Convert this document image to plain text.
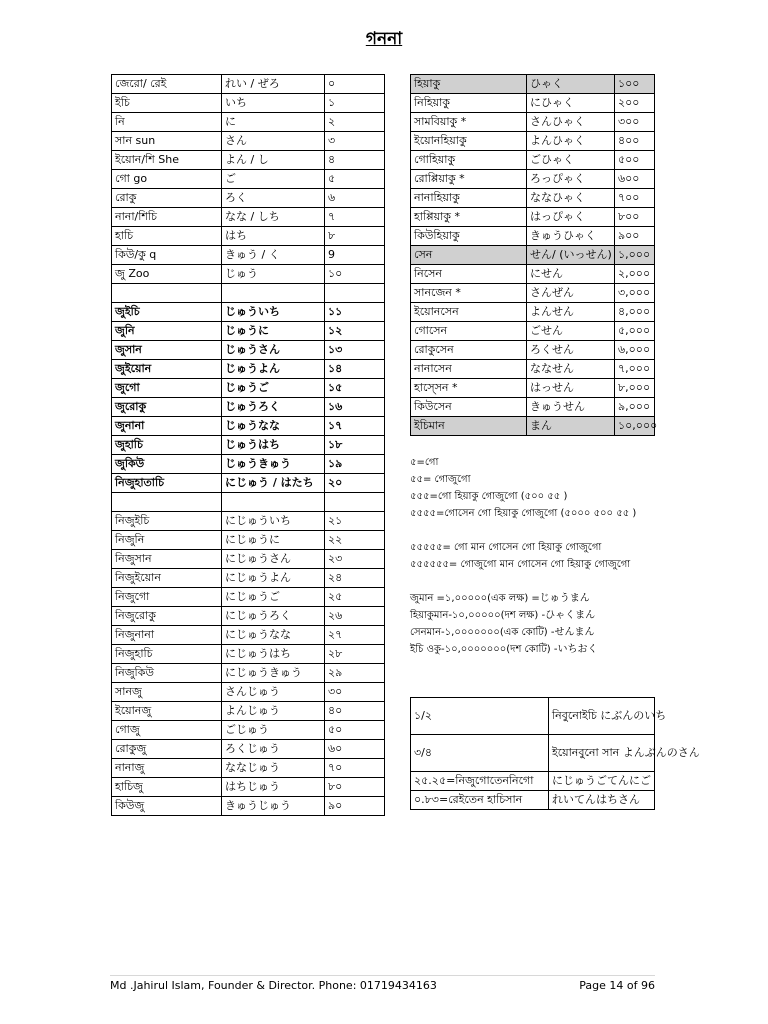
গননা
জেরো/ রেই	れい / ぜろ	০
ইচি	いち	১
নি	に	২
সান sun	さん	৩
ইয়োন/শি She	よん / し	৪
গো go	ご	৫
রোকু	ろく	৬
নানা/শিচি	なな / しち	৭
হাচি	はち	৮
কিউ/কু q	きゅう / く	9
জু Zoo	じゅう	১০

জুইচি	じゅういち	১১
জুনি	じゅうに	১২
জুসান	じゅうさん	১৩
জুইয়োন	じゅうよん	১৪
জুগো	じゅうご	১৫
জুরোকু	じゅうろく	১৬
জুনানা	じゅうなな	১৭
জুহাচি	じゅうはち	১৮
জুকিউ	じゅうきゅう	১৯
নিজুহাতাচি	にじゅう / はたち	২০

নিজুইচি	にじゅういち	২১
নিজুনি	にじゅうに	২২
নিজুসান	にじゅうさん	২৩
নিজুইয়োন	にじゅうよん	২৪
নিজুগো	にじゅうご	২৫
নিজুরোকু	にじゅうろく	২৬
নিজুনানা	にじゅうなな	২৭
নিজুহাচি	にじゅうはち	২৮
নিজুকিউ	にじゅうきゅう	২৯
সানজু	さんじゅう	৩০
ইয়োনজু	よんじゅう	৪০
গোজু	ごじゅう	৫০
রোকুজু	ろくじゅう	৬০
নানাজু	ななじゅう	৭০
হাচিজু	はちじゅう	৮০
কিউজু	きゅうじゅう	৯০
হিয়াকু	ひゃく	১০০
নিহিয়াকু	にひゃく	২০০
সামবিয়াকু *	さんひゃく	৩০০
ইয়োনহিয়াকু	よんひゃく	৪০০
গোহিয়াকু	ごひゃく	৫০০
রোপ্পিয়াকু *	ろっぴゃく	৬০০
নানাহিয়াকু	ななひゃく	৭০০
হাপ্পিয়াকু *	はっぴゃく	৮০০
কিউহিয়াকু	きゅうひゃく	৯০০
সেন	せん/ (いっせん)	১,০০০
নিসেন	にせん	২,০০০
সানজেন *	さんぜん	৩,০০০
ইয়োনসেন	よんせん	৪,০০০
গোসেন	ごせん	৫,০০০
রোকুসেন	ろくせん	৬,০০০
নানাসেন	ななせん	৭,০০০
হাস্সেন *	はっせん	৮,০০০
কিউসেন	きゅうせん	৯,০০০
ইচিমান	まん	১০,০০০
৫=গো
৫৫= গোজুগো
৫৫৫=গো হিয়াকু গোজুগো (৫০০ ৫৫ )
৫৫৫৫=গোসেন গো হিয়াকু গোজুগো (৫০০০ ৫০০ ৫৫ )
৫৫৫৫৫= গো মান গোসেন গো হিয়াকু গোজুগো
৫৫৫৫৫৫= গোজুগো মান গোসেন গো হিয়াকু গোজুগো
জুমান =১,০০০০০(এক লক্ষ) =じゅうまん
হিয়াকুমান-১০,০০০০০(দশ লক্ষ) -ひゃくまん
সেনমান-১,০০০০০০০(এক কোটি) -せんまん
ইচি ওকু-১০,০০০০০০০(দশ কোটি) -いちおく
১/২	নিবুনোইচি にぶんのいち
৩/৪	ইয়োনবুনো সান よんぶんのさん
২৫.২৫=নিজুগোতেননিগো	にじゅうごてんにご
০.৮৩=রেইতেন হাচিসান	れいてんはちさん
Md .Jahirul Islam, Founder & Director. Phone: 01719434163	Page 14 of 96
